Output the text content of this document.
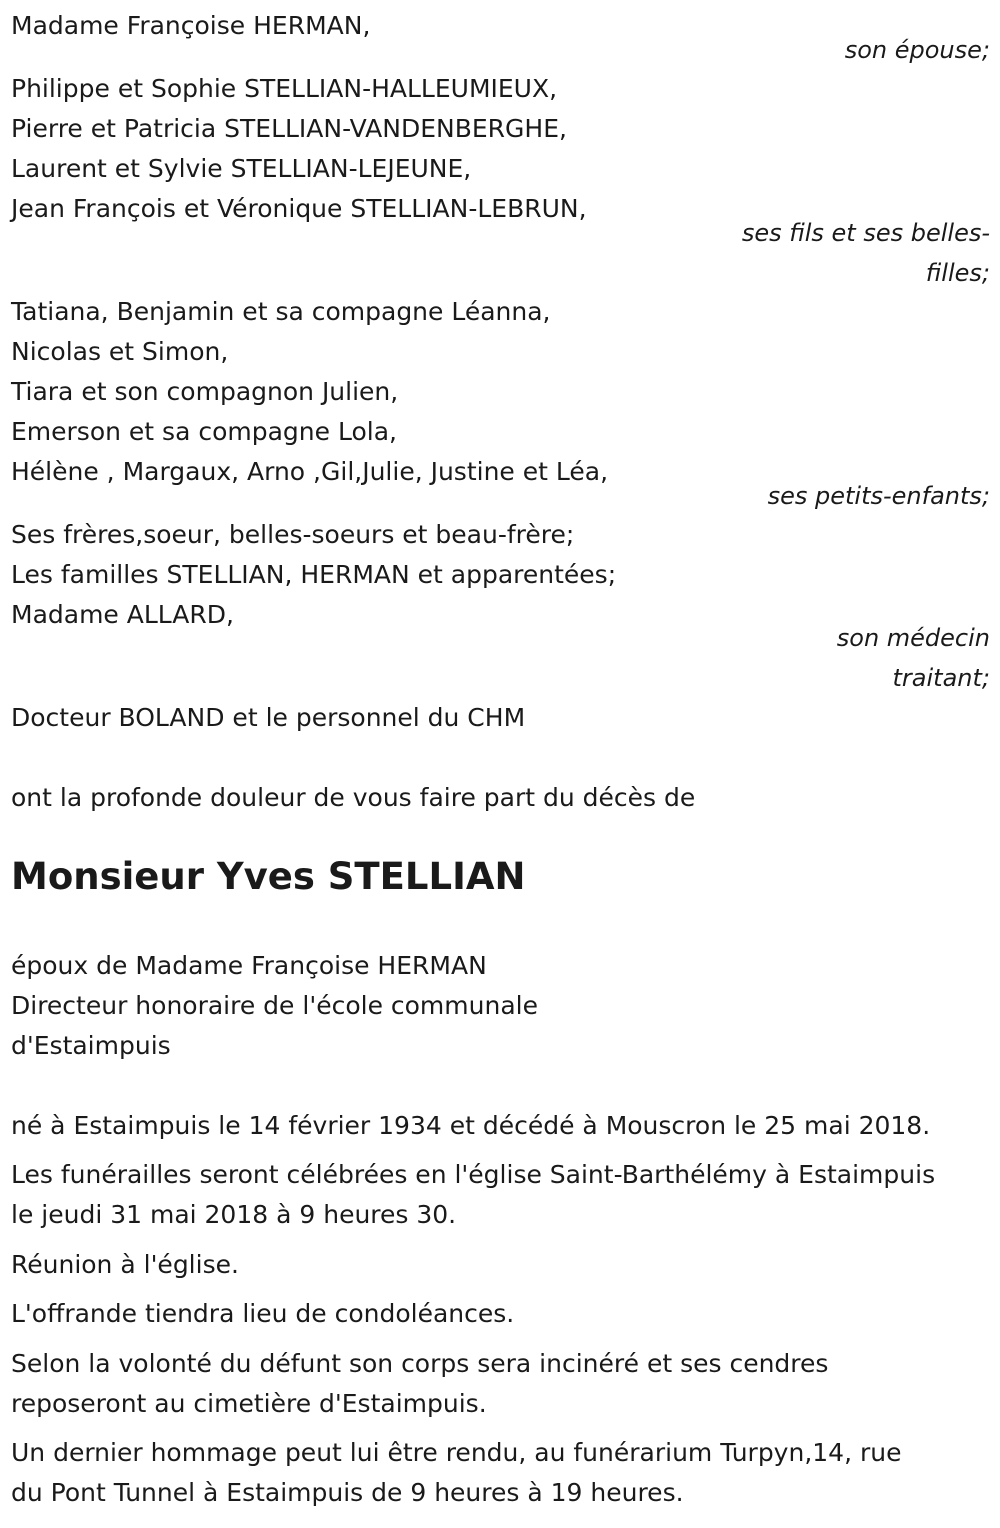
Madame Françoise HERMAN,

son épouse;

Philippe et Sophie STELLIAN-HALLEUMIEUX,

Pierre et Patricia STELLIAN-VANDENBERGHE,

Laurent et Sylvie STELLIAN-LEJEUNE,

Jean François et Véronique STELLIAN-LEBRUN,

ses fils et ses belles-

filles;

Tatiana, Benjamin et sa compagne Léanna,

Nicolas et Simon,

Tiara et son compagnon Julien,

Emerson et sa compagne Lola,

Hélène , Margaux, Arno ,Gil,Julie, Justine et Léa,

ses petits-enfants;

Ses frères,soeur, belles-soeurs et beau-frère;

Les familles STELLIAN, HERMAN et apparentées;

Madame ALLARD,

son médecin

traitant;

Docteur BOLAND et le personnel du CHM

ont la profonde douleur de vous faire part du décès de

Monsieur Yves STELLIAN

époux de Madame Françoise HERMAN

Directeur honoraire de l'école communale

d'Estaimpuis

né à Estaimpuis le 14 février 1934 et décédé à Mouscron le 25 mai 2018.

Les funérailles seront célébrées en l'église Saint-Barthélémy à Estaimpuis

le jeudi 31 mai 2018 à 9 heures 30.

Réunion à l'église.

L'offrande tiendra lieu de condoléances.

Selon la volonté du défunt son corps sera incinéré et ses cendres

reposeront au cimetière d'Estaimpuis.

Un dernier hommage peut lui être rendu, au funérarium Turpyn,14, rue

du Pont Tunnel à Estaimpuis de 9 heures à 19 heures.
